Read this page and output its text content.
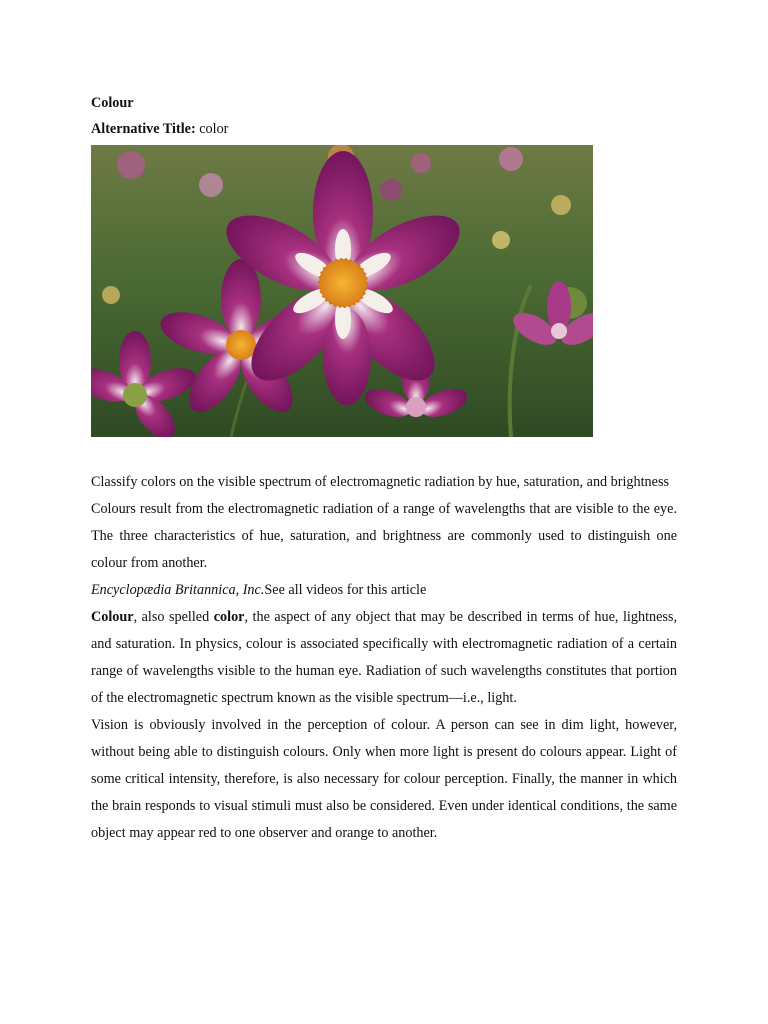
Colour
Alternative Title: color

Classify colors on the visible spectrum of electromagnetic radiation by hue, saturation, and brightness

Colours result from the electromagnetic radiation of a range of wavelengths that are visible to the eye. The three characteristics of hue, saturation, and brightness are commonly used to distinguish one colour from another.

Encyclopædia Britannica, Inc.See all videos for this article

Colour, also spelled color, the aspect of any object that may be described in terms of hue, lightness, and saturation. In physics, colour is associated specifically with electromagnetic radiation of a certain range of wavelengths visible to the human eye. Radiation of such wavelengths constitutes that portion of the electromagnetic spectrum known as the visible spectrum—i.e., light.

Vision is obviously involved in the perception of colour. A person can see in dim light, however, without being able to distinguish colours. Only when more light is present do colours appear. Light of some critical intensity, therefore, is also necessary for colour perception. Finally, the manner in which the brain responds to visual stimuli must also be considered. Even under identical conditions, the same object may appear red to one observer and orange to another.
